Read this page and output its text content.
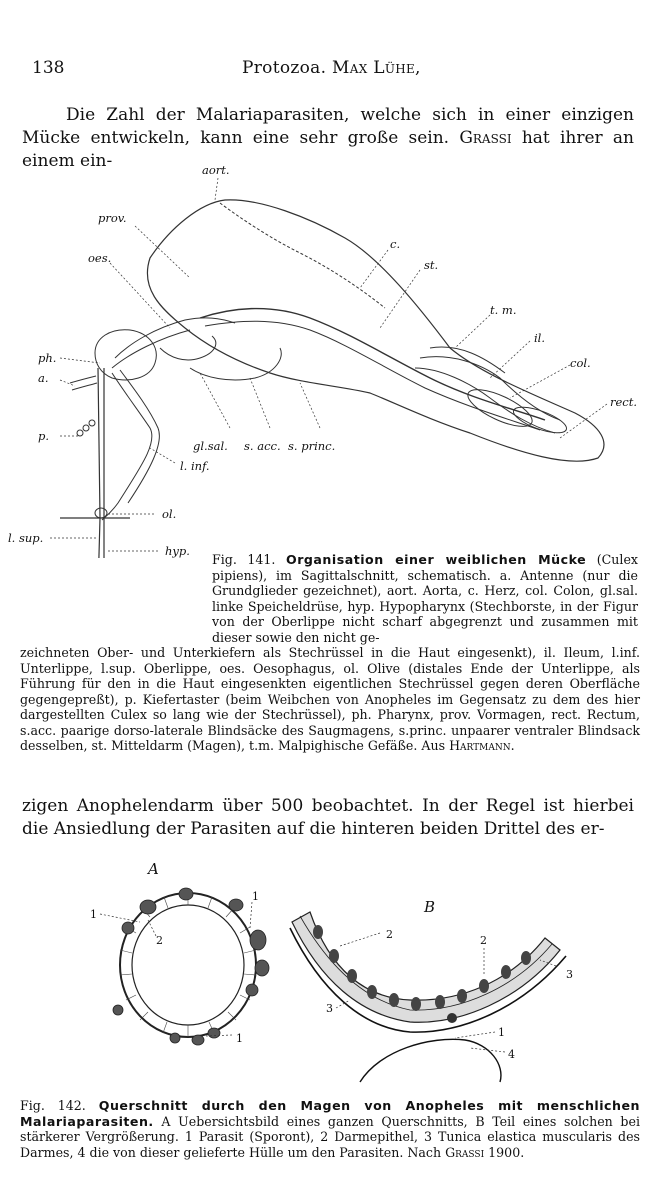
138	Protozoa. Max Lühe,
Die Zahl der Malariaparasiten, welche sich in einer einzigen Mücke entwickeln, kann eine sehr große sein. Grassi hat ihrer an einem ein-	aort.
prov.
c.
oes.	st.
t. m.
ph.
il.
a.
col.
rect.
p.
gl.sal. s. acc. s. princ.
l. inf.
ol.
l. sup.
hyp.
Fig. 141. Organisation einer weiblichen Mücke (Culex pipiens), im Sagittalschnitt, schematisch. a. Antenne (nur die Grundglieder gezeichnet), aort. Aorta, c. Herz, col. Colon, gl.sal. linke Speicheldrüse, hyp. Hypopharynx (Stechborste, in der Figur von der Oberlippe nicht scharf abgegrenzt und zusammen mit dieser sowie den nicht ge-
zeichneten Ober- und Unterkiefern als Stechrüssel in die Haut eingesenkt), il. Ileum, l.inf. Unterlippe, l.sup. Oberlippe, oes. Oesophagus, ol. Olive (distales Ende der Unterlippe, als Führung für den in die Haut eingesenkten eigentlichen Stechrüssel gegen deren Oberfläche gegengepreßt), p. Kiefertaster (beim Weibchen von Anopheles im Gegensatz zu dem des hier dargestellten Culex so lang wie der Stechrüssel), ph. Pharynx, prov. Vormagen, rect. Rectum, s.acc. paarige dorso-laterale Blindsäcke des Saugmagens, s.princ. unpaarer ventraler Blindsack desselben, st. Mitteldarm (Magen), t.m. Malpighische Gefäße. Aus Hartmann.
zigen Anophelendarm über 500 beobachtet. In der Regel ist hierbei die Ansiedlung der Parasiten auf die hinteren beiden Drittel des er-
A
1
2
1
1
B
2	2
3
3
1
4
Fig. 142. Querschnitt durch den Magen von Anopheles mit menschlichen Malariaparasiten. A Uebersichtsbild eines ganzen Querschnitts, B Teil eines solchen bei stärkerer Vergrößerung. 1 Parasit (Sporont), 2 Darmepithel, 3 Tunica elastica muscularis des Darmes, 4 die von dieser gelieferte Hülle um den Parasiten. Nach Grassi 1900.
